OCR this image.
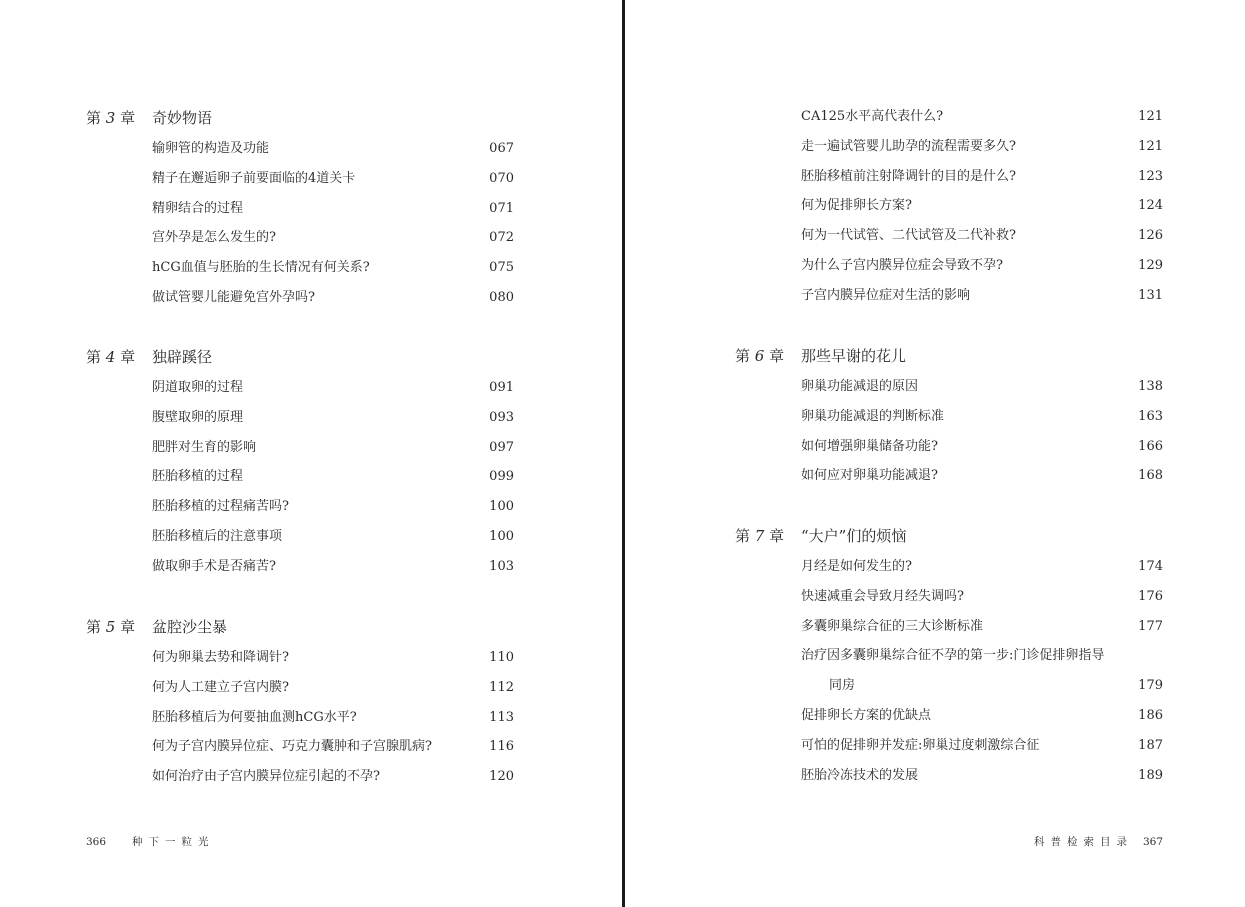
第 3 章	奇妙物语
输卵管的构造及功能	067
精子在邂逅卵子前要面临的4道关卡	070
精卵结合的过程	071
宫外孕是怎么发生的?	072
hCG血值与胚胎的生长情况有何关系?	075
做试管婴儿能避免宫外孕吗?	080
第 4 章	独辟蹊径
阴道取卵的过程	091
腹壁取卵的原理	093
肥胖对生育的影响	097
胚胎移植的过程	099
胚胎移植的过程痛苦吗?	100
胚胎移植后的注意事项	100
做取卵手术是否痛苦?	103
第 5 章	盆腔沙尘暴
何为卵巢去势和降调针?	110
何为人工建立子宫内膜?	112
胚胎移植后为何要抽血测hCG水平?	113
何为子宫内膜异位症、巧克力囊肿和子宫腺肌病?	116
如何治疗由子宫内膜异位症引起的不孕?	120
366 种下一粒光
CA125水平高代表什么?	121
走一遍试管婴儿助孕的流程需要多久?	121
胚胎移植前注射降调针的目的是什么?	123
何为促排卵长方案?	124
何为一代试管、二代试管及二代补救?	126
为什么子宫内膜异位症会导致不孕?	129
子宫内膜异位症对生活的影响	131
第 6 章	那些早谢的花儿
卵巢功能减退的原因	138
卵巢功能减退的判断标准	163
如何增强卵巢储备功能?	166
如何应对卵巢功能减退?	168
第 7 章	“大户”们的烦恼
月经是如何发生的?	174
快速减重会导致月经失调吗?	176
多囊卵巢综合征的三大诊断标准	177
治疗因多囊卵巢综合征不孕的第一步:门诊促排卵指导
同房	179
促排卵长方案的优缺点	186
可怕的促排卵并发症:卵巢过度刺激综合征	187
胚胎冷冻技术的发展	189
科普检索目录 367
